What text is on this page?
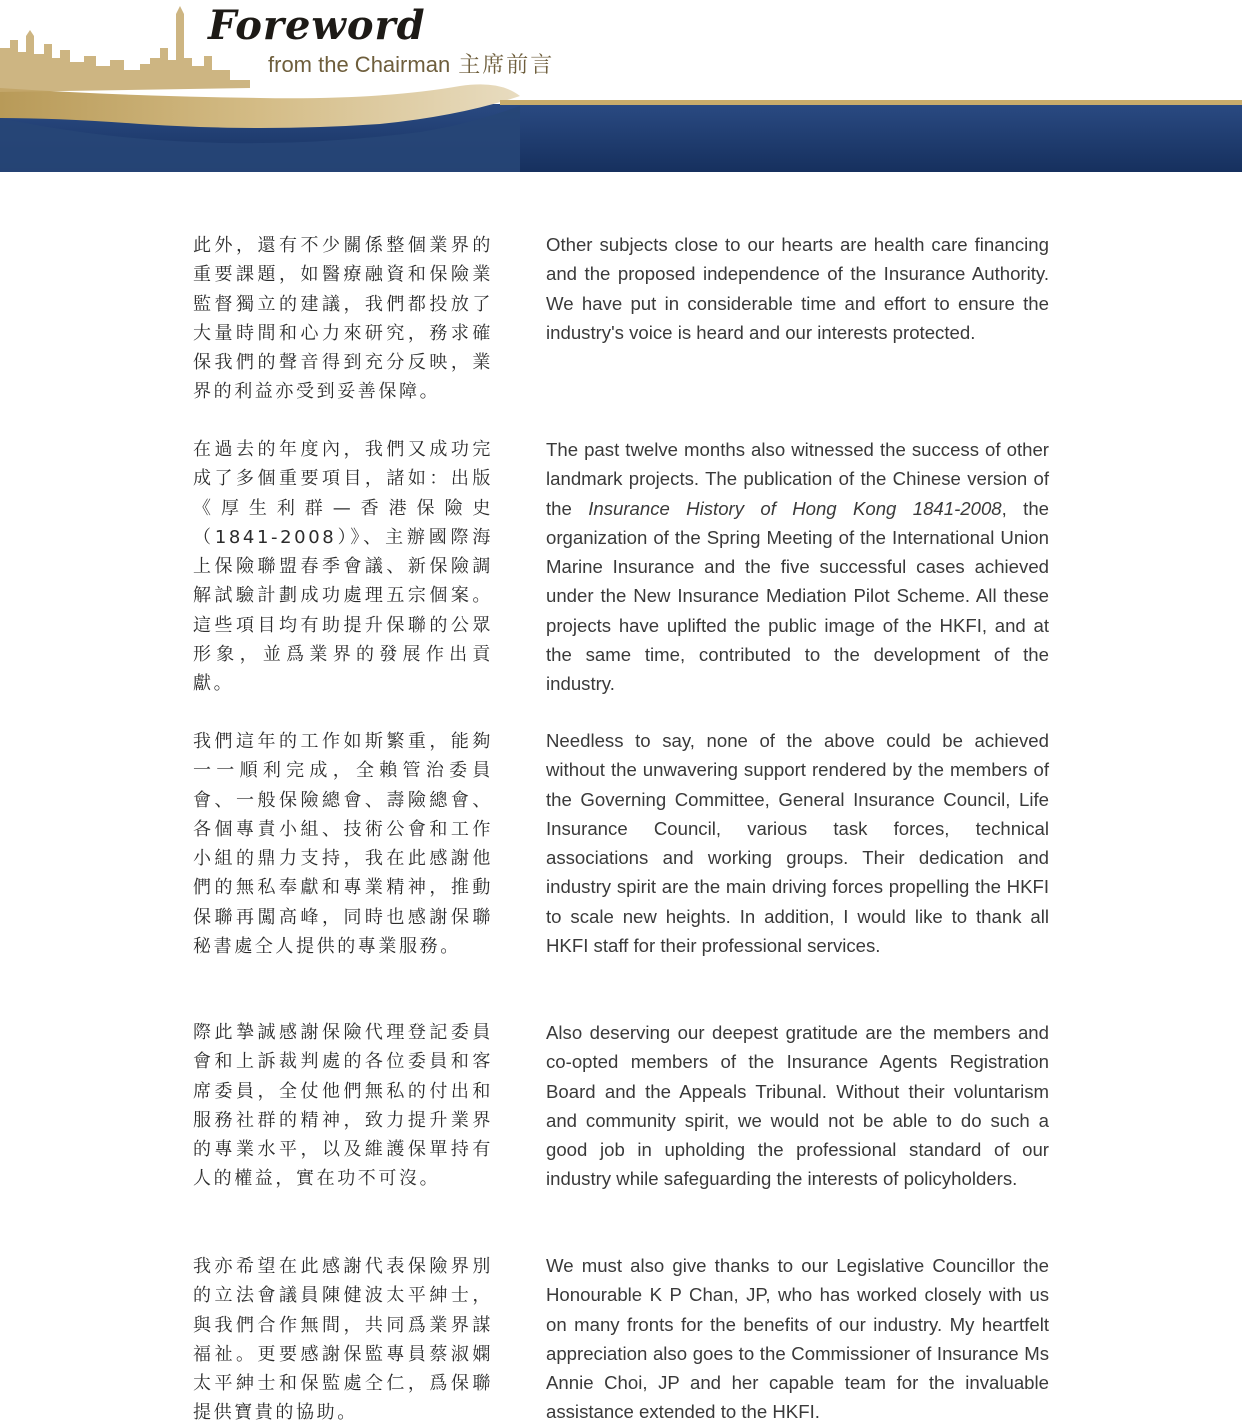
Foreword
from the Chairman 主席前言
此外，還有不少關係整個業界的重要課題，如醫療融資和保險業監督獨立的建議，我們都投放了大量時間和心力來研究，務求確保我們的聲音得到充分反映，業界的利益亦受到妥善保障。
Other subjects close to our hearts are health care financing and the proposed independence of the Insurance Authority. We have put in considerable time and effort to ensure the industry's voice is heard and our interests protected.
在過去的年度內，我們又成功完成了多個重要項目，諸如：出版《厚生利群—香港保險史（1841-2008）》、主辦國際海上保險聯盟春季會議、新保險調解試驗計劃成功處理五宗個案。這些項目均有助提升保聯的公眾形象，並爲業界的發展作出貢獻。
The past twelve months also witnessed the success of other landmark projects. The publication of the Chinese version of the Insurance History of Hong Kong 1841-2008, the organization of the Spring Meeting of the International Union Marine Insurance and the five successful cases achieved under the New Insurance Mediation Pilot Scheme. All these projects have uplifted the public image of the HKFI, and at the same time, contributed to the development of the industry.
我們這年的工作如斯繁重，能夠一一順利完成，全賴管治委員會、一般保險總會、壽險總會、各個專責小組、技術公會和工作小組的鼎力支持，我在此感謝他們的無私奉獻和專業精神，推動保聯再闖高峰，同時也感謝保聯秘書處仝人提供的專業服務。
Needless to say, none of the above could be achieved without the unwavering support rendered by the members of the Governing Committee, General Insurance Council, Life Insurance Council, various task forces, technical associations and working groups. Their dedication and industry spirit are the main driving forces propelling the HKFI to scale new heights. In addition, I would like to thank all HKFI staff for their professional services.
際此摯誠感謝保險代理登記委員會和上訴裁判處的各位委員和客席委員，全仗他們無私的付出和服務社群的精神，致力提升業界的專業水平，以及維護保單持有人的權益，實在功不可沒。
Also deserving our deepest gratitude are the members and co-opted members of the Insurance Agents Registration Board and the Appeals Tribunal. Without their voluntarism and community spirit, we would not be able to do such a good job in upholding the professional standard of our industry while safeguarding the interests of policyholders.
我亦希望在此感謝代表保險界別的立法會議員陳健波太平紳士，與我們合作無間，共同爲業界謀福祉。更要感謝保監專員蔡淑嫻太平紳士和保監處仝仁，爲保聯提供寶貴的協助。
We must also give thanks to our Legislative Councillor the Honourable K P Chan, JP, who has worked closely with us on many fronts for the benefits of our industry. My heartfelt appreciation also goes to the Commissioner of Insurance Ms Annie Choi, JP and her capable team for the invaluable assistance extended to the HKFI.
